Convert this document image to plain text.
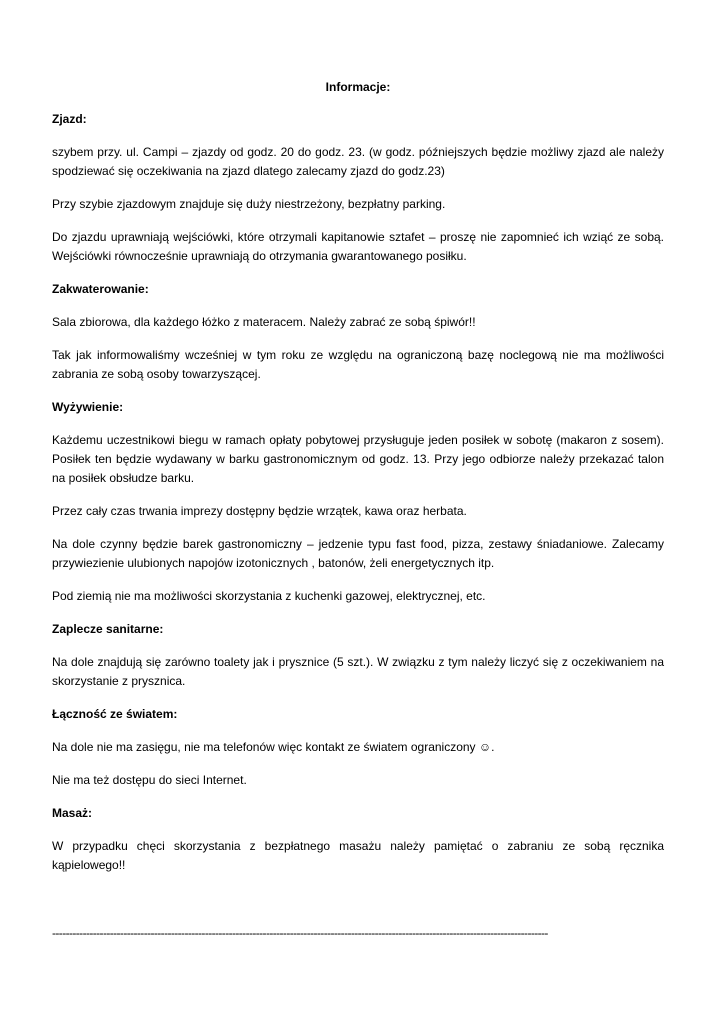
Informacje:
Zjazd:
szybem przy. ul. Campi – zjazdy od godz. 20 do godz. 23. (w godz. późniejszych będzie możliwy zjazd ale należy spodziewać się oczekiwania na zjazd dlatego zalecamy zjazd do godz.23)
Przy szybie zjazdowym znajduje się duży niestrzeżony, bezpłatny parking.
Do zjazdu uprawniają wejściówki, które otrzymali kapitanowie sztafet – proszę nie zapomnieć ich wziąć ze sobą. Wejściówki równocześnie uprawniają do otrzymania gwarantowanego posiłku.
Zakwaterowanie:
Sala zbiorowa, dla każdego łóżko z materacem. Należy zabrać ze sobą śpiwór!!
Tak jak informowaliśmy wcześniej w tym roku ze względu na ograniczoną bazę noclegową nie ma możliwości zabrania ze sobą osoby towarzyszącej.
Wyżywienie:
Każdemu uczestnikowi biegu w ramach opłaty pobytowej przysługuje jeden posiłek w sobotę (makaron z sosem). Posiłek ten będzie wydawany w barku gastronomicznym od godz. 13. Przy jego odbiorze należy przekazać talon na posiłek obsłudze barku.
Przez cały czas trwania imprezy dostępny będzie wrzątek, kawa oraz herbata.
Na dole czynny będzie barek gastronomiczny – jedzenie typu fast food, pizza, zestawy śniadaniowe. Zalecamy przywiezienie ulubionych napojów izotonicznych , batonów, żeli energetycznych itp.
Pod ziemią nie ma możliwości skorzystania z kuchenki gazowej, elektrycznej, etc.
Zaplecze sanitarne:
Na dole znajdują się zarówno toalety jak i prysznice (5 szt.). W związku z tym należy liczyć się z oczekiwaniem na skorzystanie z prysznica.
Łączność ze światem:
Na dole nie ma zasięgu, nie ma telefonów więc kontakt ze światem ograniczony ☺.
Nie ma też dostępu do sieci Internet.
Masaż:
W przypadku chęci skorzystania z bezpłatnego masażu należy pamiętać o zabraniu ze sobą ręcznika kąpielowego!!
--------------------------------------------------------------------------------------------------------------------------------------------------
